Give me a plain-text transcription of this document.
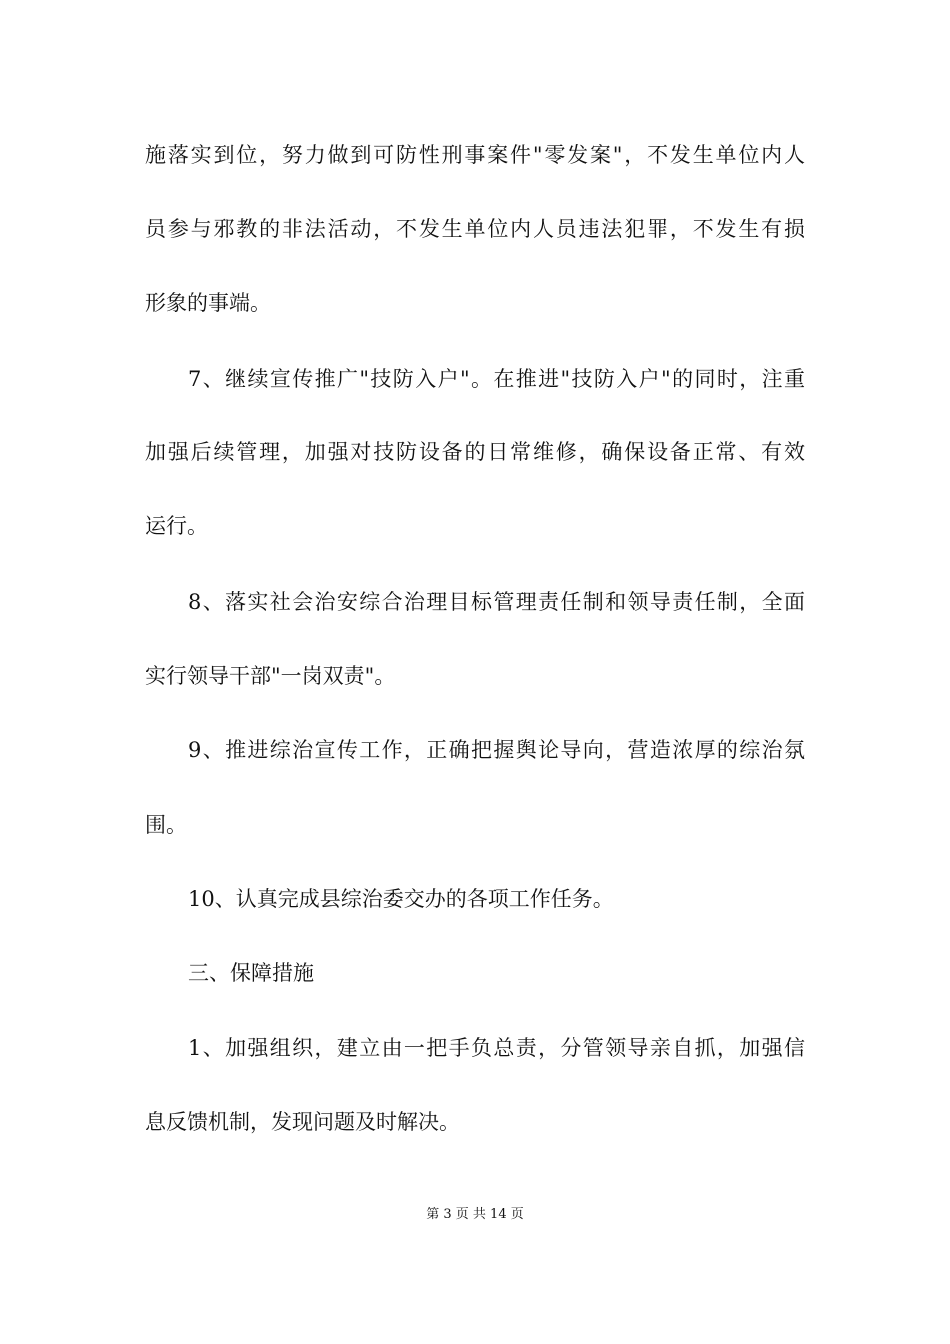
施落实到位，努力做到可防性刑事案件"零发案"，不发生单位内人
员参与邪教的非法活动，不发生单位内人员违法犯罪，不发生有损
形象的事端。
7、继续宣传推广"技防入户"。在推进"技防入户"的同时，注重
加强后续管理，加强对技防设备的日常维修，确保设备正常、有效
运行。
8、落实社会治安综合治理目标管理责任制和领导责任制，全面
实行领导干部"一岗双责"。
9、推进综治宣传工作，正确把握舆论导向，营造浓厚的综治氛
围。
10、认真完成县综治委交办的各项工作任务。
三、保障措施
1、加强组织，建立由一把手负总责，分管领导亲自抓，加强信
息反馈机制，发现问题及时解决。
第 3 页 共 14 页
